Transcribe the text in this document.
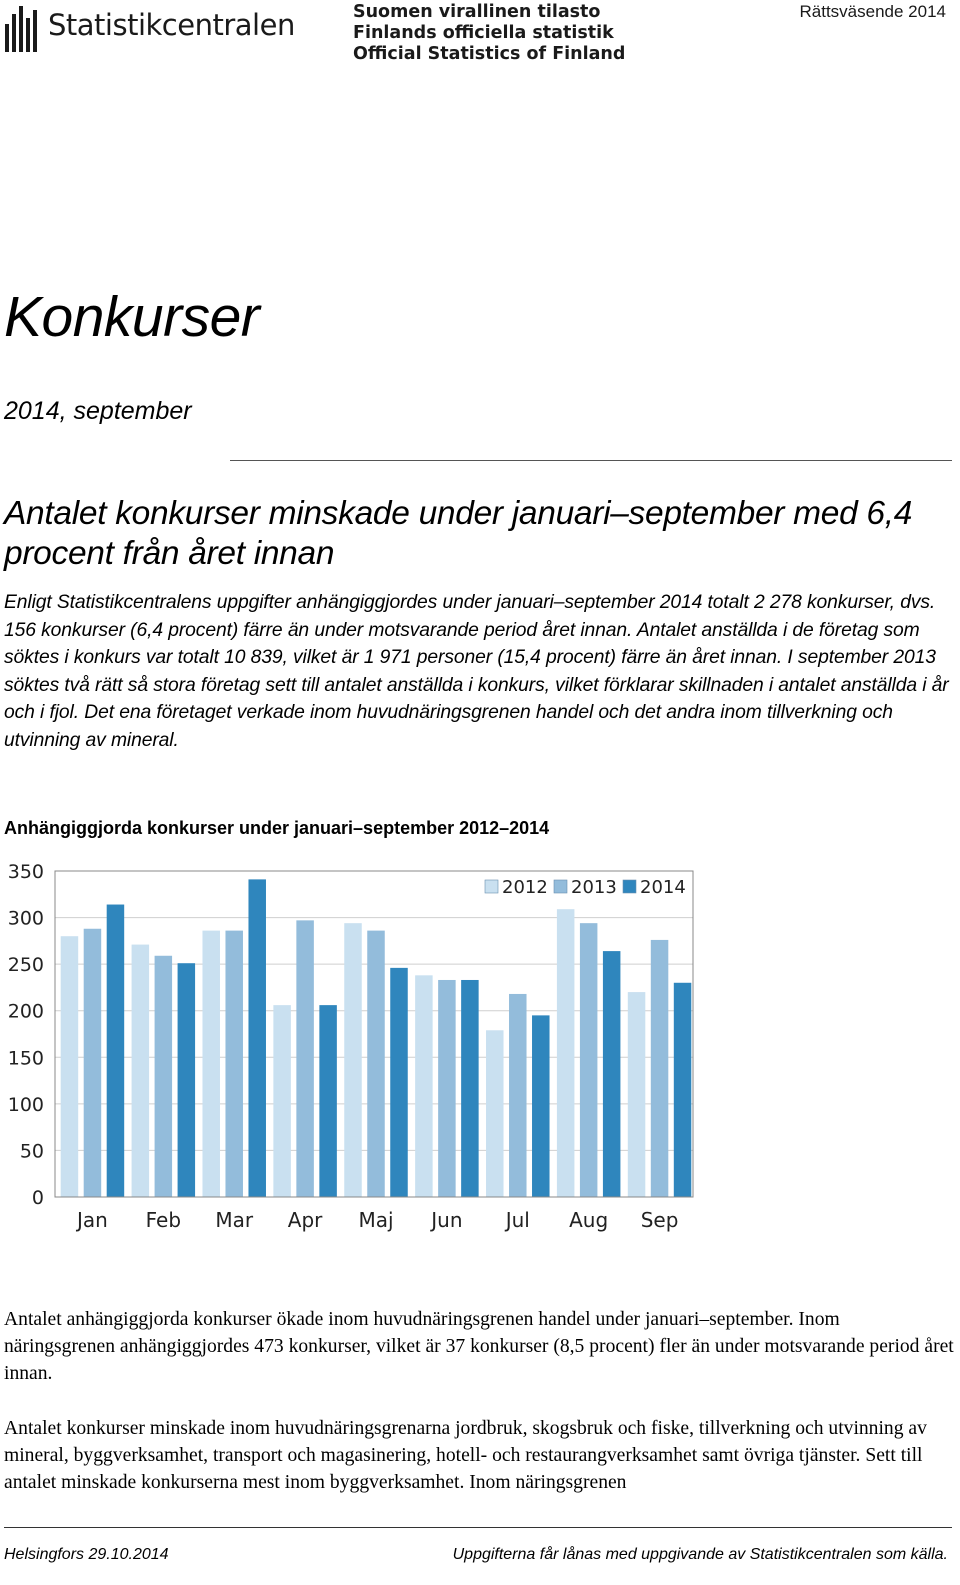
Statistikcentralen	Suomen virallinen tilasto
Finlands officiella statistik
Official Statistics of Finland
Rättsväsende 2014
Konkurser
2014, september
Antalet konkurser minskade under januari–september med 6,4 procent från året innan
Enligt Statistikcentralens uppgifter anhängiggjordes under januari–september 2014 totalt 2 278 konkurser, dvs. 156 konkurser (6,4 procent) färre än under motsvarande period året innan. Antalet anställda i de företag som söktes i konkurs var totalt 10 839, vilket är 1 971 personer (15,4 procent) färre än året innan. I september 2013 söktes två rätt så stora företag sett till antalet anställda i konkurs, vilket förklarar skillnaden i antalet anställda i år och i fjol. Det ena företaget verkade inom huvudnäringsgrenen handel och det andra inom tillverkning och utvinning av mineral.
Anhängiggjorda konkurser under januari–september 2012–2014
0
50
100
150
200
250
300
350
Jan Feb Mar Apr Maj Jun Jul Aug Sep
2012 2013 2014
Antalet anhängiggjorda konkurser ökade inom huvudnäringsgrenen handel under januari–september. Inom näringsgrenen anhängiggjordes 473 konkurser, vilket är 37 konkurser (8,5 procent) fler än under motsvarande period året innan.
Antalet konkurser minskade inom huvudnäringsgrenarna jordbruk, skogsbruk och fiske, tillverkning och utvinning av mineral, byggverksamhet, transport och magasinering, hotell- och restaurangverksamhet samt övriga tjänster. Sett till antalet minskade konkurserna mest inom byggverksamhet. Inom näringsgrenen
Helsingfors 29.10.2014	Uppgifterna får lånas med uppgivande av Statistikcentralen som källa.
